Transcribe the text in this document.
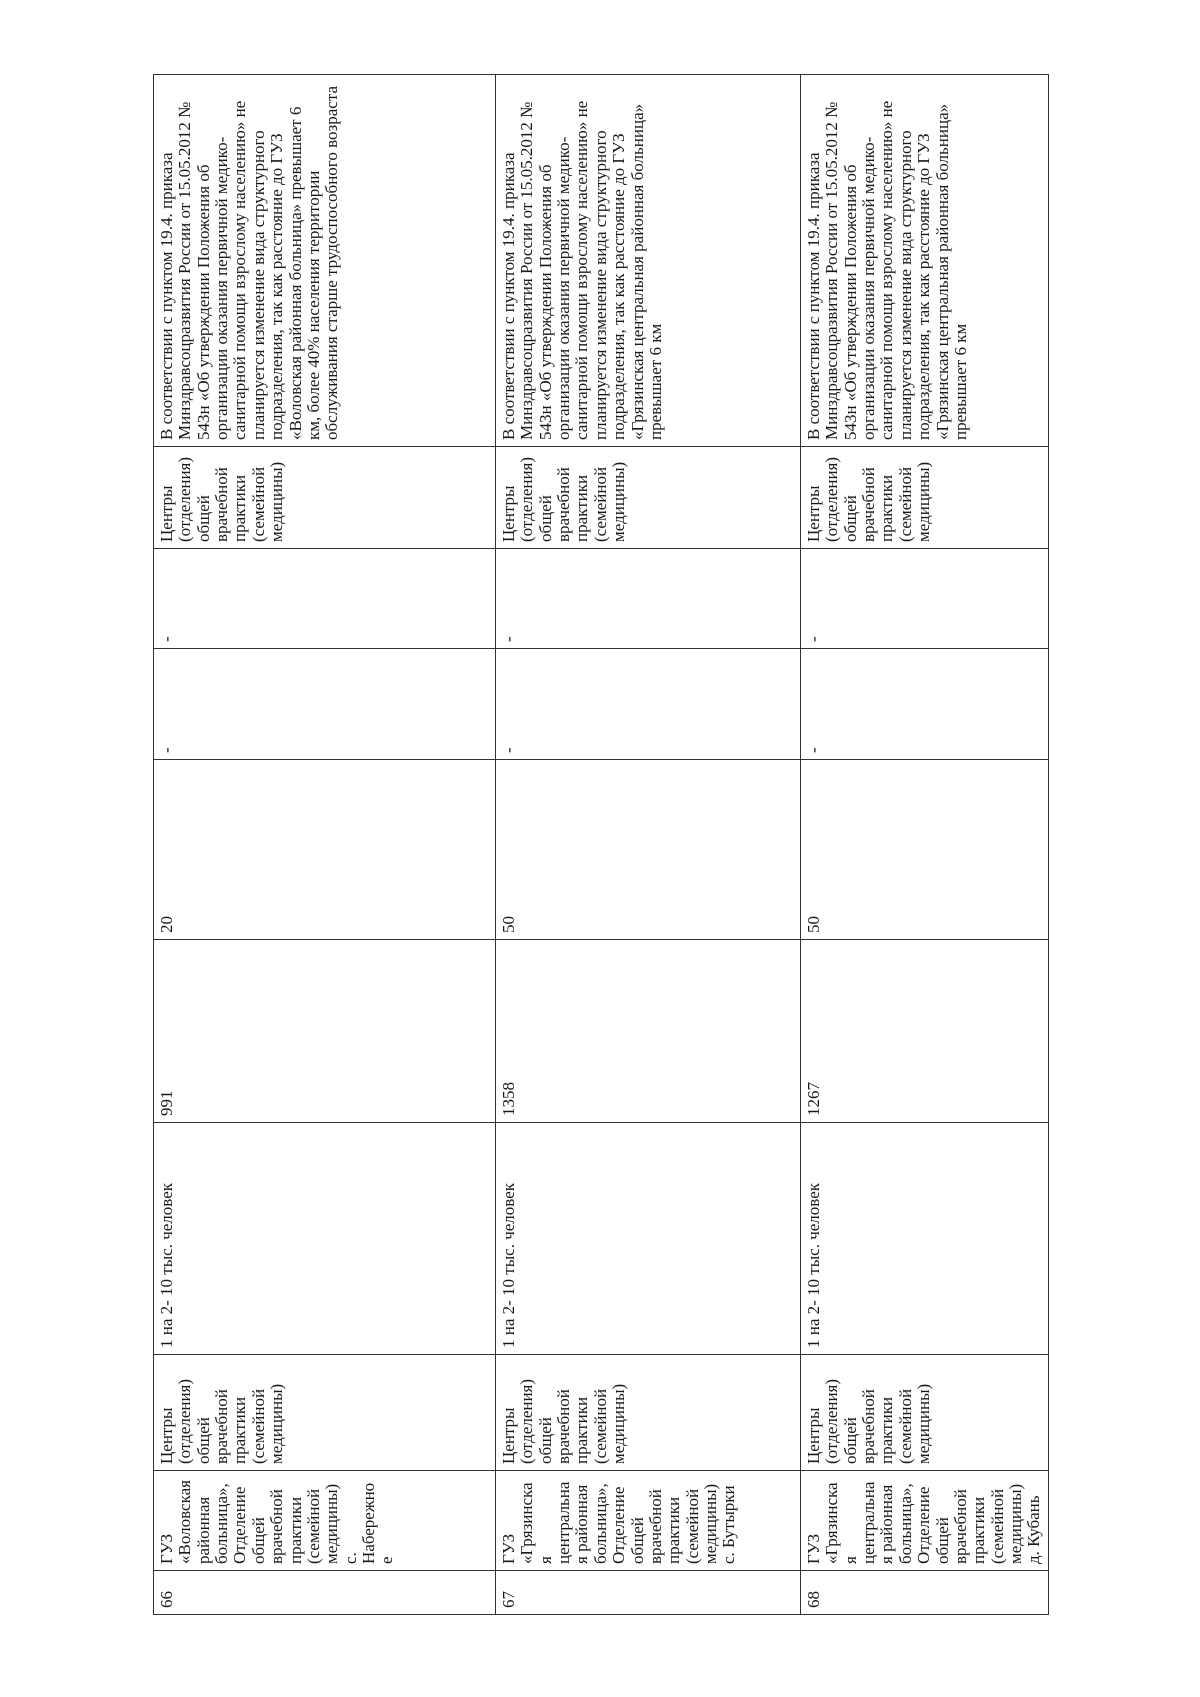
66	ГУЗ «Воловская районная больница», Отделение общей врачебной практики (семейной медицины) с. Набережное	Центры (отделения) общей врачебной практики (семейной медицины)	1 на 2- 10 тыс. человек	991	20	-	-	Центры (отделения) общей врачебной практики (семейной медицины)	В соответствии с пунктом 19.4. приказа Минздравсоцразвития России от 15.05.2012 № 543н «Об утверждении Положения об организации оказания первичной медико-санитарной помощи взрослому населению» не планируется изменение вида структурного подразделения, так как расстояние до ГУЗ «Воловская районная больница» превышает 6 км, более 40% населения территории обслуживания старше трудоспособного возраста
67	ГУЗ «Грязинская центральная районная больница», Отделение общей врачебной практики (семейной медицины) с. Бутырки	Центры (отделения) общей врачебной практики (семейной медицины)	1 на 2- 10 тыс. человек	1358	50	-	-	Центры (отделения) общей врачебной практики (семейной медицины)	В соответствии с пунктом 19.4. приказа Минздравсоцразвития России от 15.05.2012 № 543н «Об утверждении Положения об организации оказания первичной медико-санитарной помощи взрослому населению» не планируется изменение вида структурного подразделения, так как расстояние до ГУЗ «Грязинская центральная районная больница» превышает 6 км
68	ГУЗ «Грязинская центральная районная больница», Отделение общей врачебной практики (семейной медицины) д. Кубань	Центры (отделения) общей врачебной практики (семейной медицины)	1 на 2- 10 тыс. человек	1267	50	-	-	Центры (отделения) общей врачебной практики (семейной медицины)	В соответствии с пунктом 19.4. приказа Минздравсоцразвития России от 15.05.2012 № 543н «Об утверждении Положения об организации оказания первичной медико-санитарной помощи взрослому населению» не планируется изменение вида структурного подразделения, так как расстояние до ГУЗ «Грязинская центральная районная больница» превышает 6 км
